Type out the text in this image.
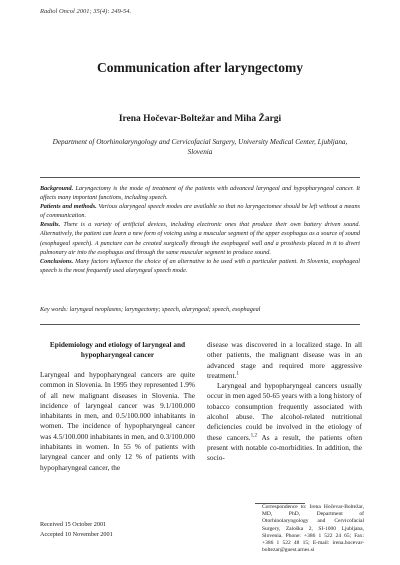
Radiol Oncol 2001; 35(4): 249-54.
Communication after laryngectomy
Irena Hočevar-Boltežar and Miha Žargi
Department of Otorhinolaryngology and Cervicofacial Surgery, University Medical Center, Ljubljana, Slovenia

Background. Laryngectomy is the mode of treatment of the patients with advanced laryngeal and hypopharyngeal cancer. It affects many important functions, including speech.

Patients and methods. Various alaryngeal speech modes are available so that no laryngectomee should be left without a means of communication.

Results. There is a variety of artificial devices, including electronic ones that produce their own battery driven sound. Alternatively, the patient can learn a new form of voicing using a muscular segment of the upper esophagus as a source of sound (esophageal speech). A puncture can be created surgically through the esophageal wall and a prosthesis placed in it to divert pulmonary air into the esophagus and through the same muscular segment to produce sound.

Conclusions. Many factors influence the choice of an alternative to be used with a particular patient. In Slovenia, esophageal speech is the most frequently used alaryngeal speech mode.

Key words: laryngeal neoplasms; laryngectomy; speech, alaryngeal; speech, esophageal
Epidemiology and etiology of laryngeal and hypopharyngeal cancer

Laryngeal and hypopharyngeal cancers are quite common in Slovenia. In 1995 they represented 1.9% of all new malignant diseases in Slovenia. The incidence of laryngeal cancer was 9.1/100.000 inhabitants in men, and 0.5/100.000 inhabitants in women. The incidence of hypopharyngeal cancer was 4.5/100.000 inhabitants in men, and 0.3/100.000 inhabitants in women. In 55 % of patients with laryngeal cancer and only 12 % of patients with hypopharyngeal cancer, the

disease was discovered in a localized stage. In all other patients, the malignant disease was in an advanced stage and required more aggressive treatment.$^1$

Laryngeal and hypopharyngeal cancers usually occur in men aged 50-65 years with a long history of tobacco consumption frequently associated with alcohol abuse. The alcohol-related nutritional deficiencies could be involved in the etiology of these cancers.$^{1,2}$ As a result, the patients often present with notable co-morbidities. In addition, the socio-

Received 15 October 2001
Accepted 10 November 2001
Correspondence to: Irena Hočevar-Boltežar, MD, PhD, Department of Otorhinolaryngology and Cervicofacial Surgery, Zaloška 2, SI-1000 Ljubljana, Slovenia. Phone: +386 1 522 24 65; Fax: +386 1 522 48 15; E-mail: irena.hocevar-boltezar@guest.arnes.si
